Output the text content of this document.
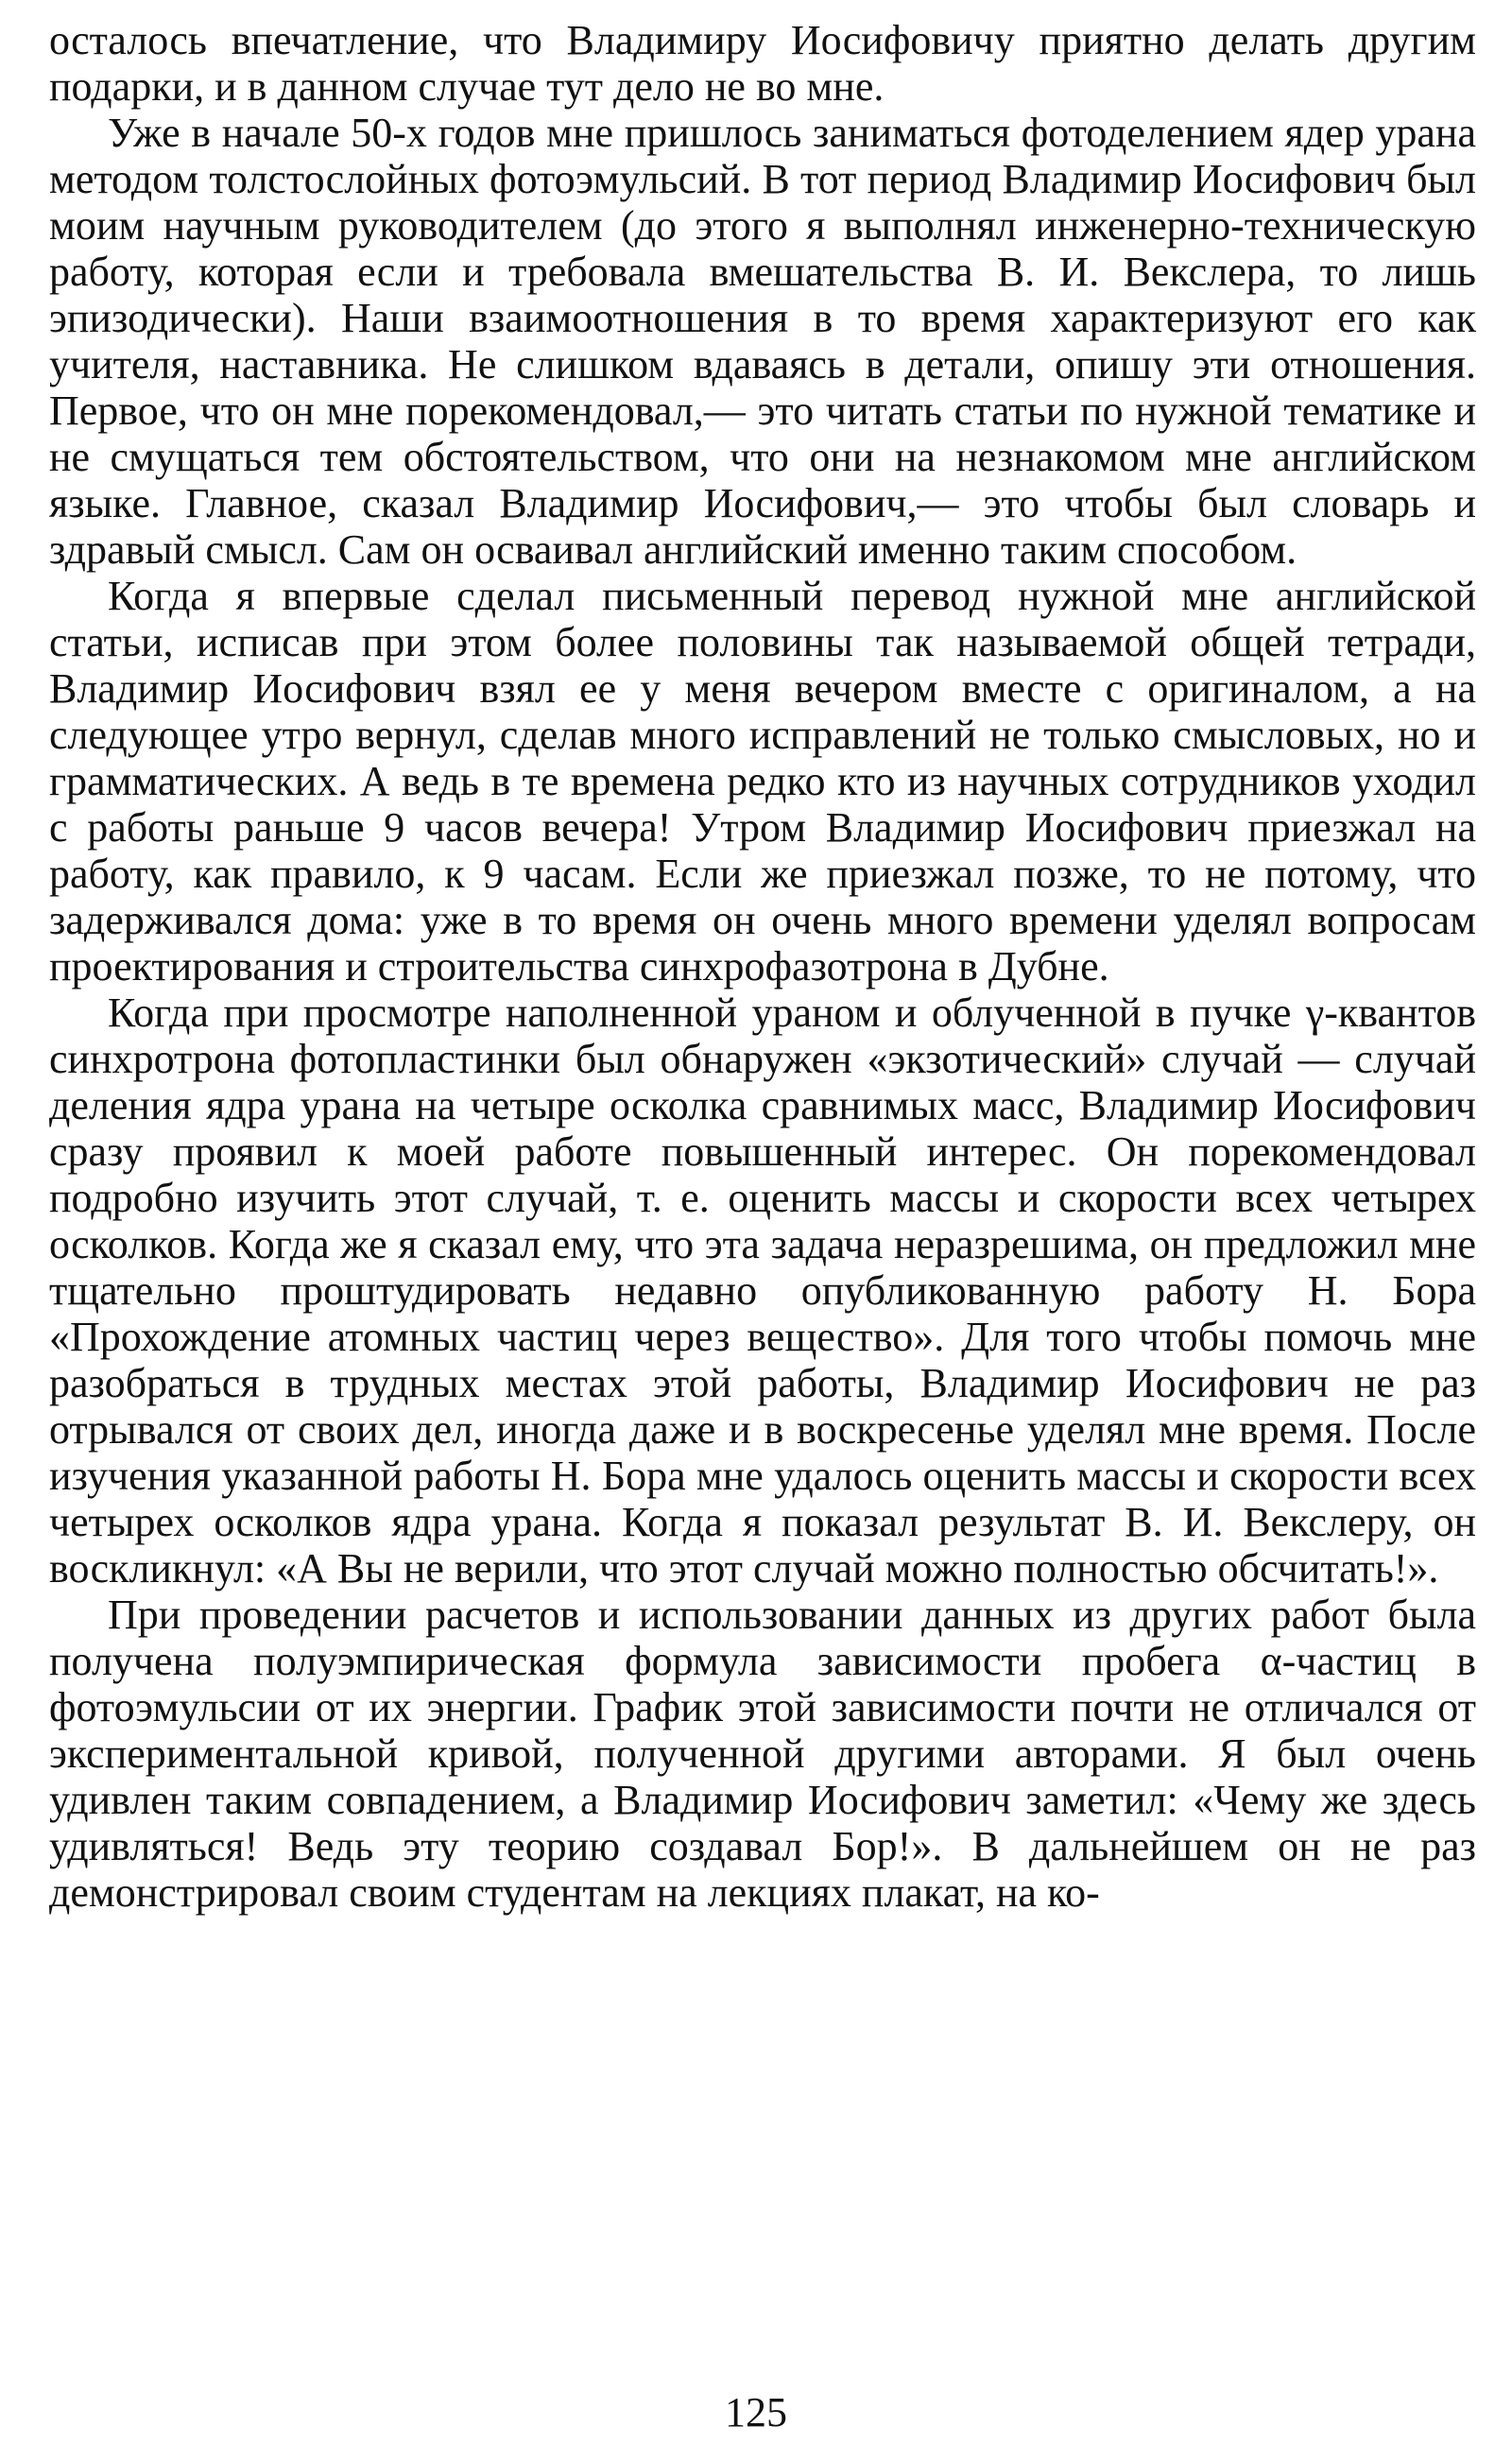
осталось впечатление, что Владимиру Иосифовичу приятно делать другим подарки, и в данном случае тут дело не во мне.

Уже в начале 50-х годов мне пришлось заниматься фотоделением ядер урана методом толстослойных фотоэмульсий. В тот период Владимир Иосифович был моим научным руководителем (до этого я выполнял инженерно-техническую работу, которая если и требовала вмешательства В. И. Векслера, то лишь эпизодически). Наши взаимоотношения в то время характеризуют его как учителя, наставника. Не слишком вдаваясь в детали, опишу эти отношения. Первое, что он мне порекомендовал,— это читать статьи по нужной тематике и не смущаться тем обстоятельством, что они на незнакомом мне английском языке. Главное, сказал Владимир Иосифович,— это чтобы был словарь и здравый смысл. Сам он осваивал английский именно таким способом.

Когда я впервые сделал письменный перевод нужной мне английской статьи, исписав при этом более половины так называемой общей тетради, Владимир Иосифович взял ее у меня вечером вместе с оригиналом, а на следующее утро вернул, сделав много исправлений не только смысловых, но и грамматических. А ведь в те времена редко кто из научных сотрудников уходил с работы раньше 9 часов вечера! Утром Владимир Иосифович приезжал на работу, как правило, к 9 часам. Если же приезжал позже, то не потому, что задерживался дома: уже в то время он очень много времени уделял вопросам проектирования и строительства синхрофазотрона в Дубне.

Когда при просмотре наполненной ураном и облученной в пучке γ-квантов синхротрона фотопластинки был обнаружен «экзотический» случай — случай деления ядра урана на четыре осколка сравнимых масс, Владимир Иосифович сразу проявил к моей работе повышенный интерес. Он порекомендовал подробно изучить этот случай, т. е. оценить массы и скорости всех четырех осколков. Когда же я сказал ему, что эта задача неразрешима, он предложил мне тщательно проштудировать недавно опубликованную работу Н. Бора «Прохождение атомных частиц через вещество». Для того чтобы помочь мне разобраться в трудных местах этой работы, Владимир Иосифович не раз отрывался от своих дел, иногда даже и в воскресенье уделял мне время. После изучения указанной работы Н. Бора мне удалось оценить массы и скорости всех четырех осколков ядра урана. Когда я показал результат В. И. Векслеру, он воскликнул: «А Вы не верили, что этот случай можно полностью обсчитать!».

При проведении расчетов и использовании данных из других работ была получена полуэмпирическая формула зависимости пробега α-частиц в фотоэмульсии от их энергии. График этой зависимости почти не отличался от экспериментальной кривой, полученной другими авторами. Я был очень удивлен таким совпадением, а Владимир Иосифович заметил: «Чему же здесь удивляться! Ведь эту теорию создавал Бор!». В дальнейшем он не раз демонстрировал своим студентам на лекциях плакат, на ко-

125
